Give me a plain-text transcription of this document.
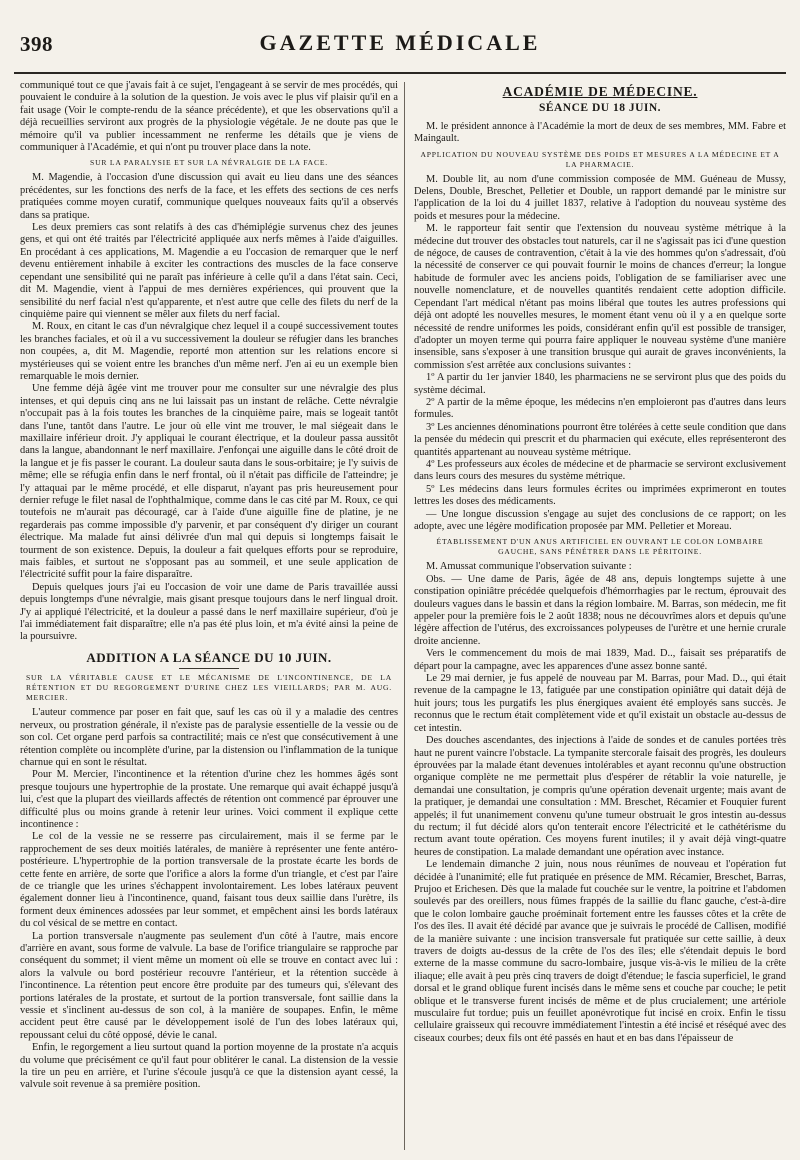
398	GAZETTE MÉDICALE

communiqué tout ce que j'avais fait à ce sujet, l'engageant à se servir de mes procédés, qui pouvaient le conduire à la solution de la question. Je vois avec le plus vif plaisir qu'il en a fait usage (Voir le compte-rendu de la séance précédente), et que les observations qu'il a déjà recueillies serviront aux progrès de la physiologie végétale. Je ne doute pas que le mémoire qu'il va publier incessamment ne renferme les détails que je viens de communiquer à l'Académie, et qui n'ont pu trouver place dans la note.

SUR LA PARALYSIE ET SUR LA NÉVRALGIE DE LA FACE.

M. Magendie, à l'occasion d'une discussion qui avait eu lieu dans une des séances précédentes, sur les fonctions des nerfs de la face, et les effets des sections de ces nerfs pratiquées comme moyen curatif, communique quelques nouveaux faits qu'il a observés dans sa pratique.

Les deux premiers cas sont relatifs à des cas d'hémiplégie survenus chez des jeunes gens, et qui ont été traités par l'électricité appliquée aux nerfs mêmes à l'aide d'aiguilles. En procédant à ces applications, M. Magendie a eu l'occasion de remarquer que le nerf devenu entièrement inhabile à exciter les contractions des muscles de la face conserve cependant une sensibilité qui ne paraît pas inférieure à celle qu'il a dans l'état sain. Ceci, dit M. Magendie, vient à l'appui de mes dernières expériences, qui prouvent que la sensibilité du nerf facial n'est qu'apparente, et n'est autre que celle des filets du nerf de la cinquième paire qui viennent se mêler aux filets du nerf facial.

M. Roux, en citant le cas d'un névralgique chez lequel il a coupé successivement toutes les branches faciales, et où il a vu successivement la douleur se réfugier dans les branches non coupées, a, dit M. Magendie, reporté mon attention sur les relations encore si mystérieuses qui se voient entre les branches d'un même nerf. J'en ai eu un exemple bien remarquable le mois dernier.

Une femme déjà âgée vint me trouver pour me consulter sur une névralgie des plus intenses, et qui depuis cinq ans ne lui laissait pas un instant de relâche. Cette névralgie n'occupait pas à la fois toutes les branches de la cinquième paire, mais se logeait tantôt dans l'une, tantôt dans l'autre. Le jour où elle vint me trouver, le mal siégeait dans le maxillaire inférieur droit. J'y appliquai le courant électrique, et la douleur passa aussitôt dans la langue, abandonnant le nerf maxillaire. J'enfonçai une aiguille dans le côté droit de la langue et je fis passer le courant. La douleur sauta dans le sous-orbitaire; je l'y suivis de même; elle se réfugia enfin dans le nerf frontal, où il n'était pas difficile de l'atteindre; je l'y attaquai par le même procédé, et elle disparut, n'ayant pas pris heureusement pour dernier refuge le filet nasal de l'ophthalmique, comme dans le cas cité par M. Roux, ce qui toutefois ne m'aurait pas découragé, car à l'aide d'une aiguille fine de platine, je ne regarderais pas comme impossible d'y parvenir, et par conséquent d'y diriger un courant électrique. Ma malade fut ainsi délivrée d'un mal qui depuis si longtemps faisait le tourment de son existence. Depuis, la douleur a fait quelques efforts pour se reproduire, mais faibles, et surtout ne s'opposant pas au sommeil, et une seule application de l'électricité suffit pour la faire disparaître.

Depuis quelques jours j'ai eu l'occasion de voir une dame de Paris travaillée aussi depuis longtemps d'une névralgie, mais gisant presque toujours dans le nerf lingual droit. J'y ai appliqué l'électricité, et la douleur a passé dans le nerf maxillaire supérieur, d'où je l'ai immédiatement fait disparaître; elle n'a pas été plus loin, et m'a évité ainsi la peine de la poursuivre.

ADDITION A LA SÉANCE DU 10 JUIN.
SUR LA VÉRITABLE CAUSE ET LE MÉCANISME DE L'INCONTINENCE, DE LA RÉTENTION ET DU REGORGEMENT D'URINE CHEZ LES VIEILLARDS; PAR M. AUG. MERCIER.

L'auteur commence par poser en fait que, sauf les cas où il y a maladie des centres nerveux, ou prostration générale, il n'existe pas de paralysie essentielle de la vessie ou de son col. Cet organe perd parfois sa contractilité; mais ce n'est que consécutivement à une rétention complète ou incomplète d'urine, par la distension ou l'inflammation de la tunique charnue qui en sont le résultat.

Pour M. Mercier, l'incontinence et la rétention d'urine chez les hommes âgés sont presque toujours une hypertrophie de la prostate. Une remarque qui avait échappé jusqu'à lui, c'est que la plupart des vieillards affectés de rétention ont commencé par éprouver une difficulté plus ou moins grande à retenir leur urines. Voici comment il explique cette incontinence :

Le col de la vessie ne se resserre pas circulairement, mais il se ferme par le rapprochement de ses deux moitiés latérales, de manière à représenter une fente antéro-postérieure. L'hypertrophie de la portion transversale de la prostate écarte les bords de cette fente en arrière, de sorte que l'orifice a alors la forme d'un triangle, et c'est par l'aire de ce triangle que les urines s'échappent involontairement. Les lobes latéraux peuvent également donner lieu à l'incontinence, quand, faisant tous deux saillie dans l'urètre, ils forment deux éminences adossées par leur sommet, et empêchent ainsi les bords latéraux du col vésical de se mettre en contact.

La portion transversale n'augmente pas seulement d'un côté à l'autre, mais encore d'arrière en avant, sous forme de valvule. La base de l'orifice triangulaire se rapproche par conséquent du sommet; il vient même un moment où elle se trouve en contact avec lui : alors la valvule ou bord postérieur recouvre l'antérieur, et la rétention succède à l'incontinence. La rétention peut encore être produite par des tumeurs qui, s'élevant des portions latérales de la prostate, et surtout de la portion transversale, font saillie dans la vessie et s'inclinent au-dessus de son col, à la manière de soupapes. Enfin, le même accident peut être causé par le développement isolé de l'un des lobes latéraux qui, repoussant celui du côté opposé, dévie le canal.

Enfin, le regorgement a lieu surtout quand la portion moyenne de la prostate n'a acquis du volume que précisément ce qu'il faut pour oblitérer le canal. La distension de la vessie la tire un peu en arrière, et l'urine s'écoule jusqu'à ce que la distension ayant cessé, la valvule soit revenue à sa première position.

ACADÉMIE DE MÉDECINE.
SÉANCE DU 18 JUIN.

M. le président annonce à l'Académie la mort de deux de ses membres, MM. Fabre et Maingault.

APPLICATION DU NOUVEAU SYSTÈME DES POIDS ET MESURES A LA MÉDECINE ET A LA PHARMACIE.

M. Double lit, au nom d'une commission composée de MM. Guéneau de Mussy, Delens, Double, Breschet, Pelletier et Double, un rapport demandé par le ministre sur l'application de la loi du 4 juillet 1837, relative à l'adoption du nouveau système des poids et mesures pour la médecine.

M. le rapporteur fait sentir que l'extension du nouveau système métrique à la médecine dut trouver des obstacles tout naturels, car il ne s'agissait pas ici d'une question de négoce, de causes de contravention, c'était à la vie des hommes qu'on s'adressait, d'où la nécessité de conserver ce qui pouvait fournir le moins de chances d'erreur; la longue habitude de formuler avec les anciens poids, l'obligation de se familiariser avec une nouvelle nomenclature, et de nouvelles quantités rendaient cette adoption difficile. Cependant l'art médical n'étant pas moins libéral que toutes les autres professions qui déjà ont adopté les nouvelles mesures, le moment étant venu où il y a en quelque sorte nécessité de rendre uniformes les poids, considérant enfin qu'il est possible de transiger, d'adopter un moyen terme qui pourra faire appliquer le nouveau système d'une manière insensible, sans s'exposer à une transition brusque qui aurait de graves inconvénients, la commission s'est arrêtée aux conclusions suivantes :

1º A partir du 1er janvier 1840, les pharmaciens ne se serviront plus que des poids du système décimal.

2º A partir de la même époque, les médecins n'en emploieront pas d'autres dans leurs formules.

3º Les anciennes dénominations pourront être tolérées à cette seule condition que dans la pensée du médecin qui prescrit et du pharmacien qui exécute, elles représenteront des quantités appartenant au nouveau système métrique.

4º Les professeurs aux écoles de médecine et de pharmacie se serviront exclusivement dans leurs cours des mesures du système métrique.

5º Les médecins dans leurs formules écrites ou imprimées exprimeront en toutes lettres les doses des médicaments.

— Une longue discussion s'engage au sujet des conclusions de ce rapport; on les adopte, avec une légère modification proposée par MM. Pelletier et Moreau.

ÉTABLISSEMENT D'UN ANUS ARTIFICIEL EN OUVRANT LE COLON LOMBAIRE GAUCHE, SANS PÉNÉTRER DANS LE PÉRITOINE.

M. Amussat communique l'observation suivante :

Obs. — Une dame de Paris, âgée de 48 ans, depuis longtemps sujette à une constipation opiniâtre précédée quelquefois d'hémorrhagies par le rectum, éprouvait des douleurs vagues dans le bassin et dans la région lombaire. M. Barras, son médecin, me fit appeler pour la première fois le 2 août 1838; nous ne découvrîmes alors et depuis qu'une légère affection de l'utérus, des excroissances polypeuses de l'urètre et une hernie crurale droite ancienne.

Vers le commencement du mois de mai 1839, Mad. D.., faisait ses préparatifs de départ pour la campagne, avec les apparences d'une assez bonne santé.

Le 29 mai dernier, je fus appelé de nouveau par M. Barras, pour Mad. D.., qui était revenue de la campagne le 13, fatiguée par une constipation opiniâtre qui datait déjà de huit jours; tous les purgatifs les plus énergiques avaient été employés sans succès. Je reconnus que le rectum était complètement vide et qu'il existait un obstacle au-dessus de cet intestin.

Des douches ascendantes, des injections à l'aide de sondes et de canules portées très haut ne purent vaincre l'obstacle. La tympanite stercorale faisait des progrès, les douleurs éprouvées par la malade étant devenues intolérables et ayant reconnu qu'une obstruction organique complète ne me permettait plus d'espérer de rétablir la voie naturelle, je demandai une consultation, je compris qu'une opération devenait urgente; mais avant de la pratiquer, je demandai une consultation : MM. Breschet, Récamier et Fouquier furent appelés; il fut unanimement convenu qu'une tumeur obstruait le gros intestin au-dessus du rectum; il fut décidé alors qu'on tenterait encore l'électricité et le cathétérisme du rectum avant toute opération. Ces moyens furent inutiles; il y avait déjà vingt-quatre heures de constipation. La malade demandant une opération avec instance.

Le lendemain dimanche 2 juin, nous nous réunîmes de nouveau et l'opération fut décidée à l'unanimité; elle fut pratiquée en présence de MM. Récamier, Breschet, Barras, Prujoo et Erichesen. Dès que la malade fut couchée sur le ventre, la poitrine et l'abdomen soulevés par des oreillers, nous fûmes frappés de la saillie du flanc gauche, c'est-à-dire que le colon lombaire gauche proéminait fortement entre les fausses côtes et la crête de l'os des îles. Il avait été décidé par avance que je suivrais le procédé de Callisen, modifié de la manière suivante : une incision transversale fut pratiquée sur cette saillie, à deux travers de doigts au-dessus de la crête de l'os des îles; elle s'étendait depuis le bord externe de la masse commune du sacro-lombaire, jusque vis-à-vis le milieu de la crête iliaque; elle avait à peu près cinq travers de doigt d'étendue; le fascia superficiel, le grand dorsal et le grand oblique furent incisés dans le même sens et couche par couche; le petit oblique et le transverse furent incisés de même et de plus crucialement; une artériole musculaire fut tordue; puis un feuillet aponévrotique fut incisé en croix. Enfin le tissu cellulaire graisseux qui recouvre immédiatement l'intestin a été incisé et réséqué avec des ciseaux courbes; deux fils ont été passés en haut et en bas dans l'épaisseur de
